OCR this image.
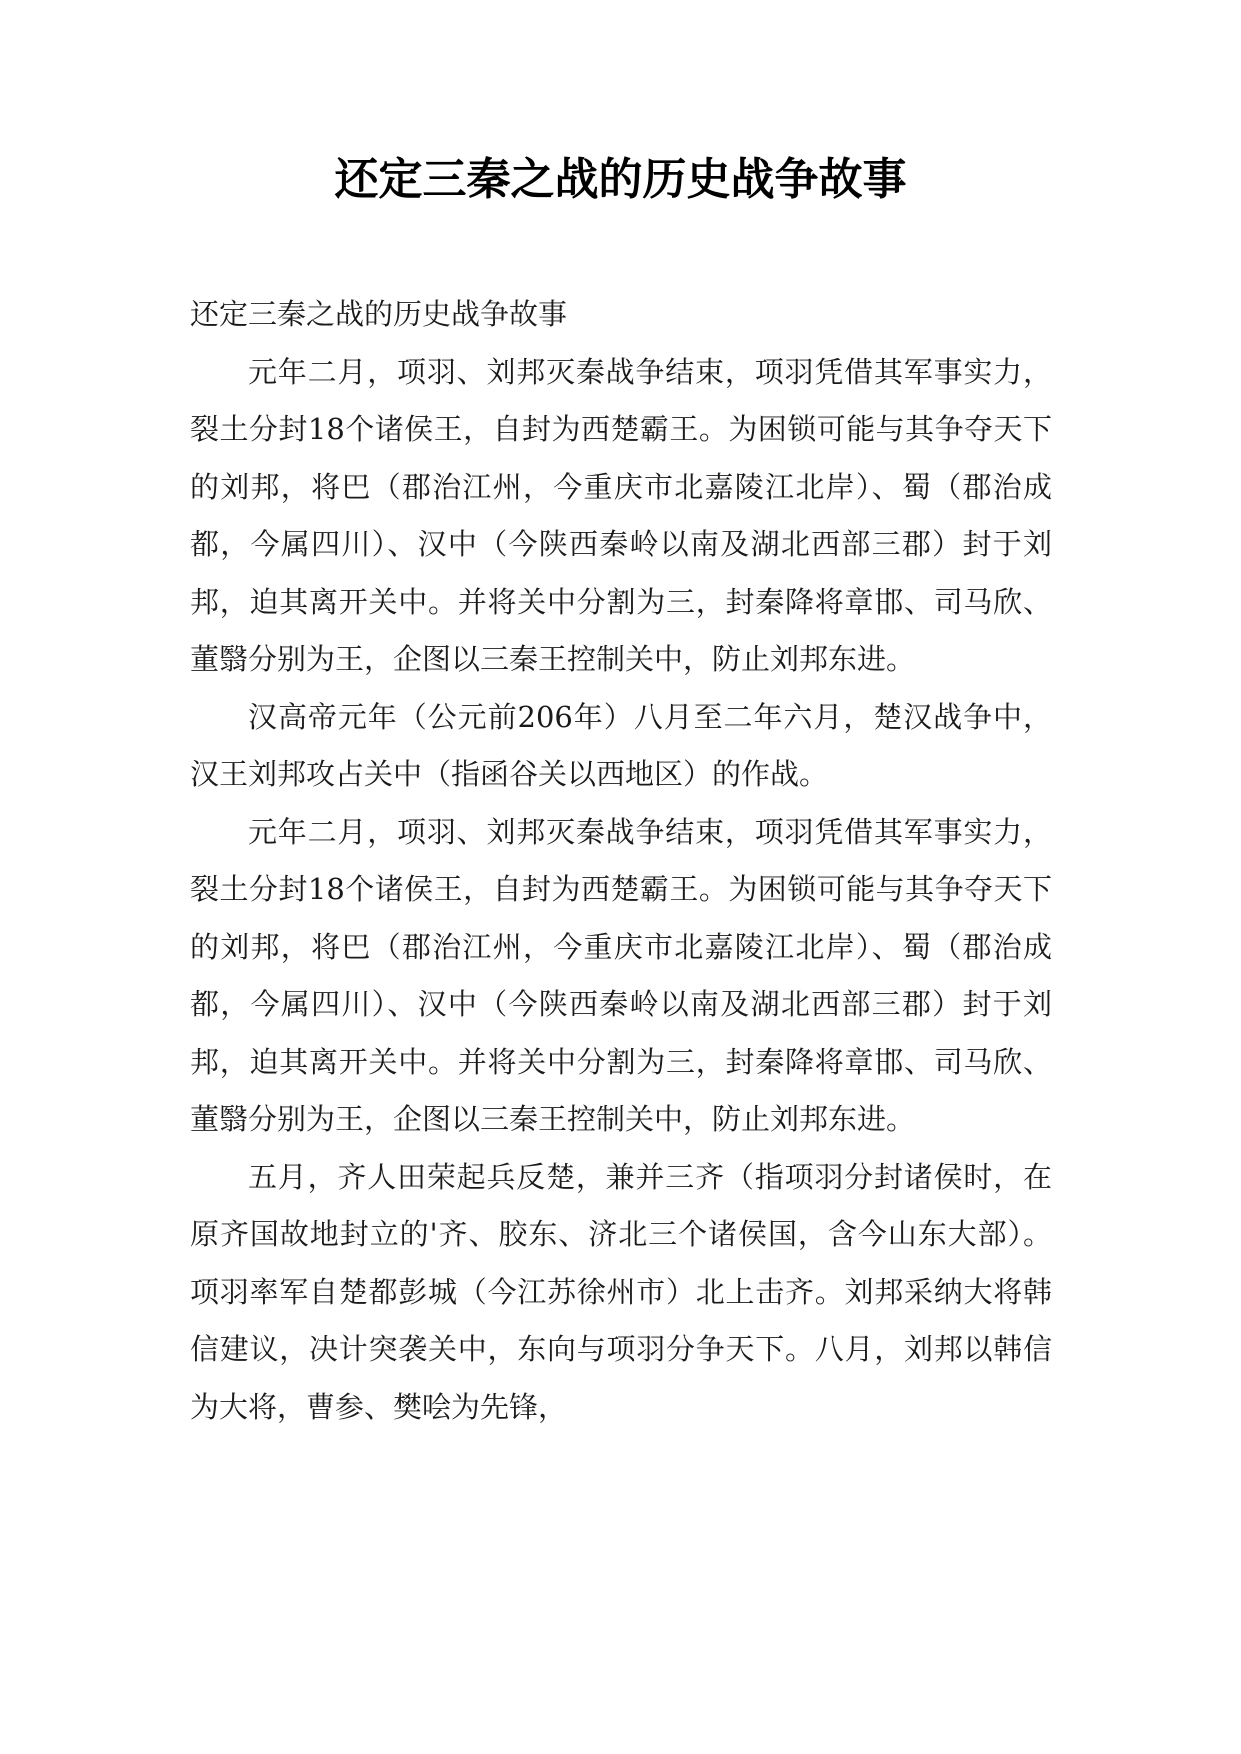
还定三秦之战的历史战争故事

还定三秦之战的历史战争故事

元年二月，项羽、刘邦灭秦战争结束，项羽凭借其军事实力，裂土分封18个诸侯王，自封为西楚霸王。为困锁可能与其争夺天下的刘邦，将巴（郡治江州，今重庆市北嘉陵江北岸）、蜀（郡治成都，今属四川）、汉中（今陕西秦岭以南及湖北西部三郡）封于刘邦，迫其离开关中。并将关中分割为三，封秦降将章邯、司马欣、董翳分别为王，企图以三秦王控制关中，防止刘邦东进。

汉高帝元年（公元前206年）八月至二年六月，楚汉战争中，汉王刘邦攻占关中（指函谷关以西地区）的作战。

元年二月，项羽、刘邦灭秦战争结束，项羽凭借其军事实力，裂土分封18个诸侯王，自封为西楚霸王。为困锁可能与其争夺天下的刘邦，将巴（郡治江州，今重庆市北嘉陵江北岸）、蜀（郡治成都，今属四川）、汉中（今陕西秦岭以南及湖北西部三郡）封于刘邦，迫其离开关中。并将关中分割为三，封秦降将章邯、司马欣、董翳分别为王，企图以三秦王控制关中，防止刘邦东进。

五月，齐人田荣起兵反楚，兼并三齐（指项羽分封诸侯时，在原齐国故地封立的'齐、胶东、济北三个诸侯国，含今山东大部）。项羽率军自楚都彭城（今江苏徐州市）北上击齐。刘邦采纳大将韩信建议，决计突袭关中，东向与项羽分争天下。八月，刘邦以韩信为大将，曹参、樊哙为先锋，
